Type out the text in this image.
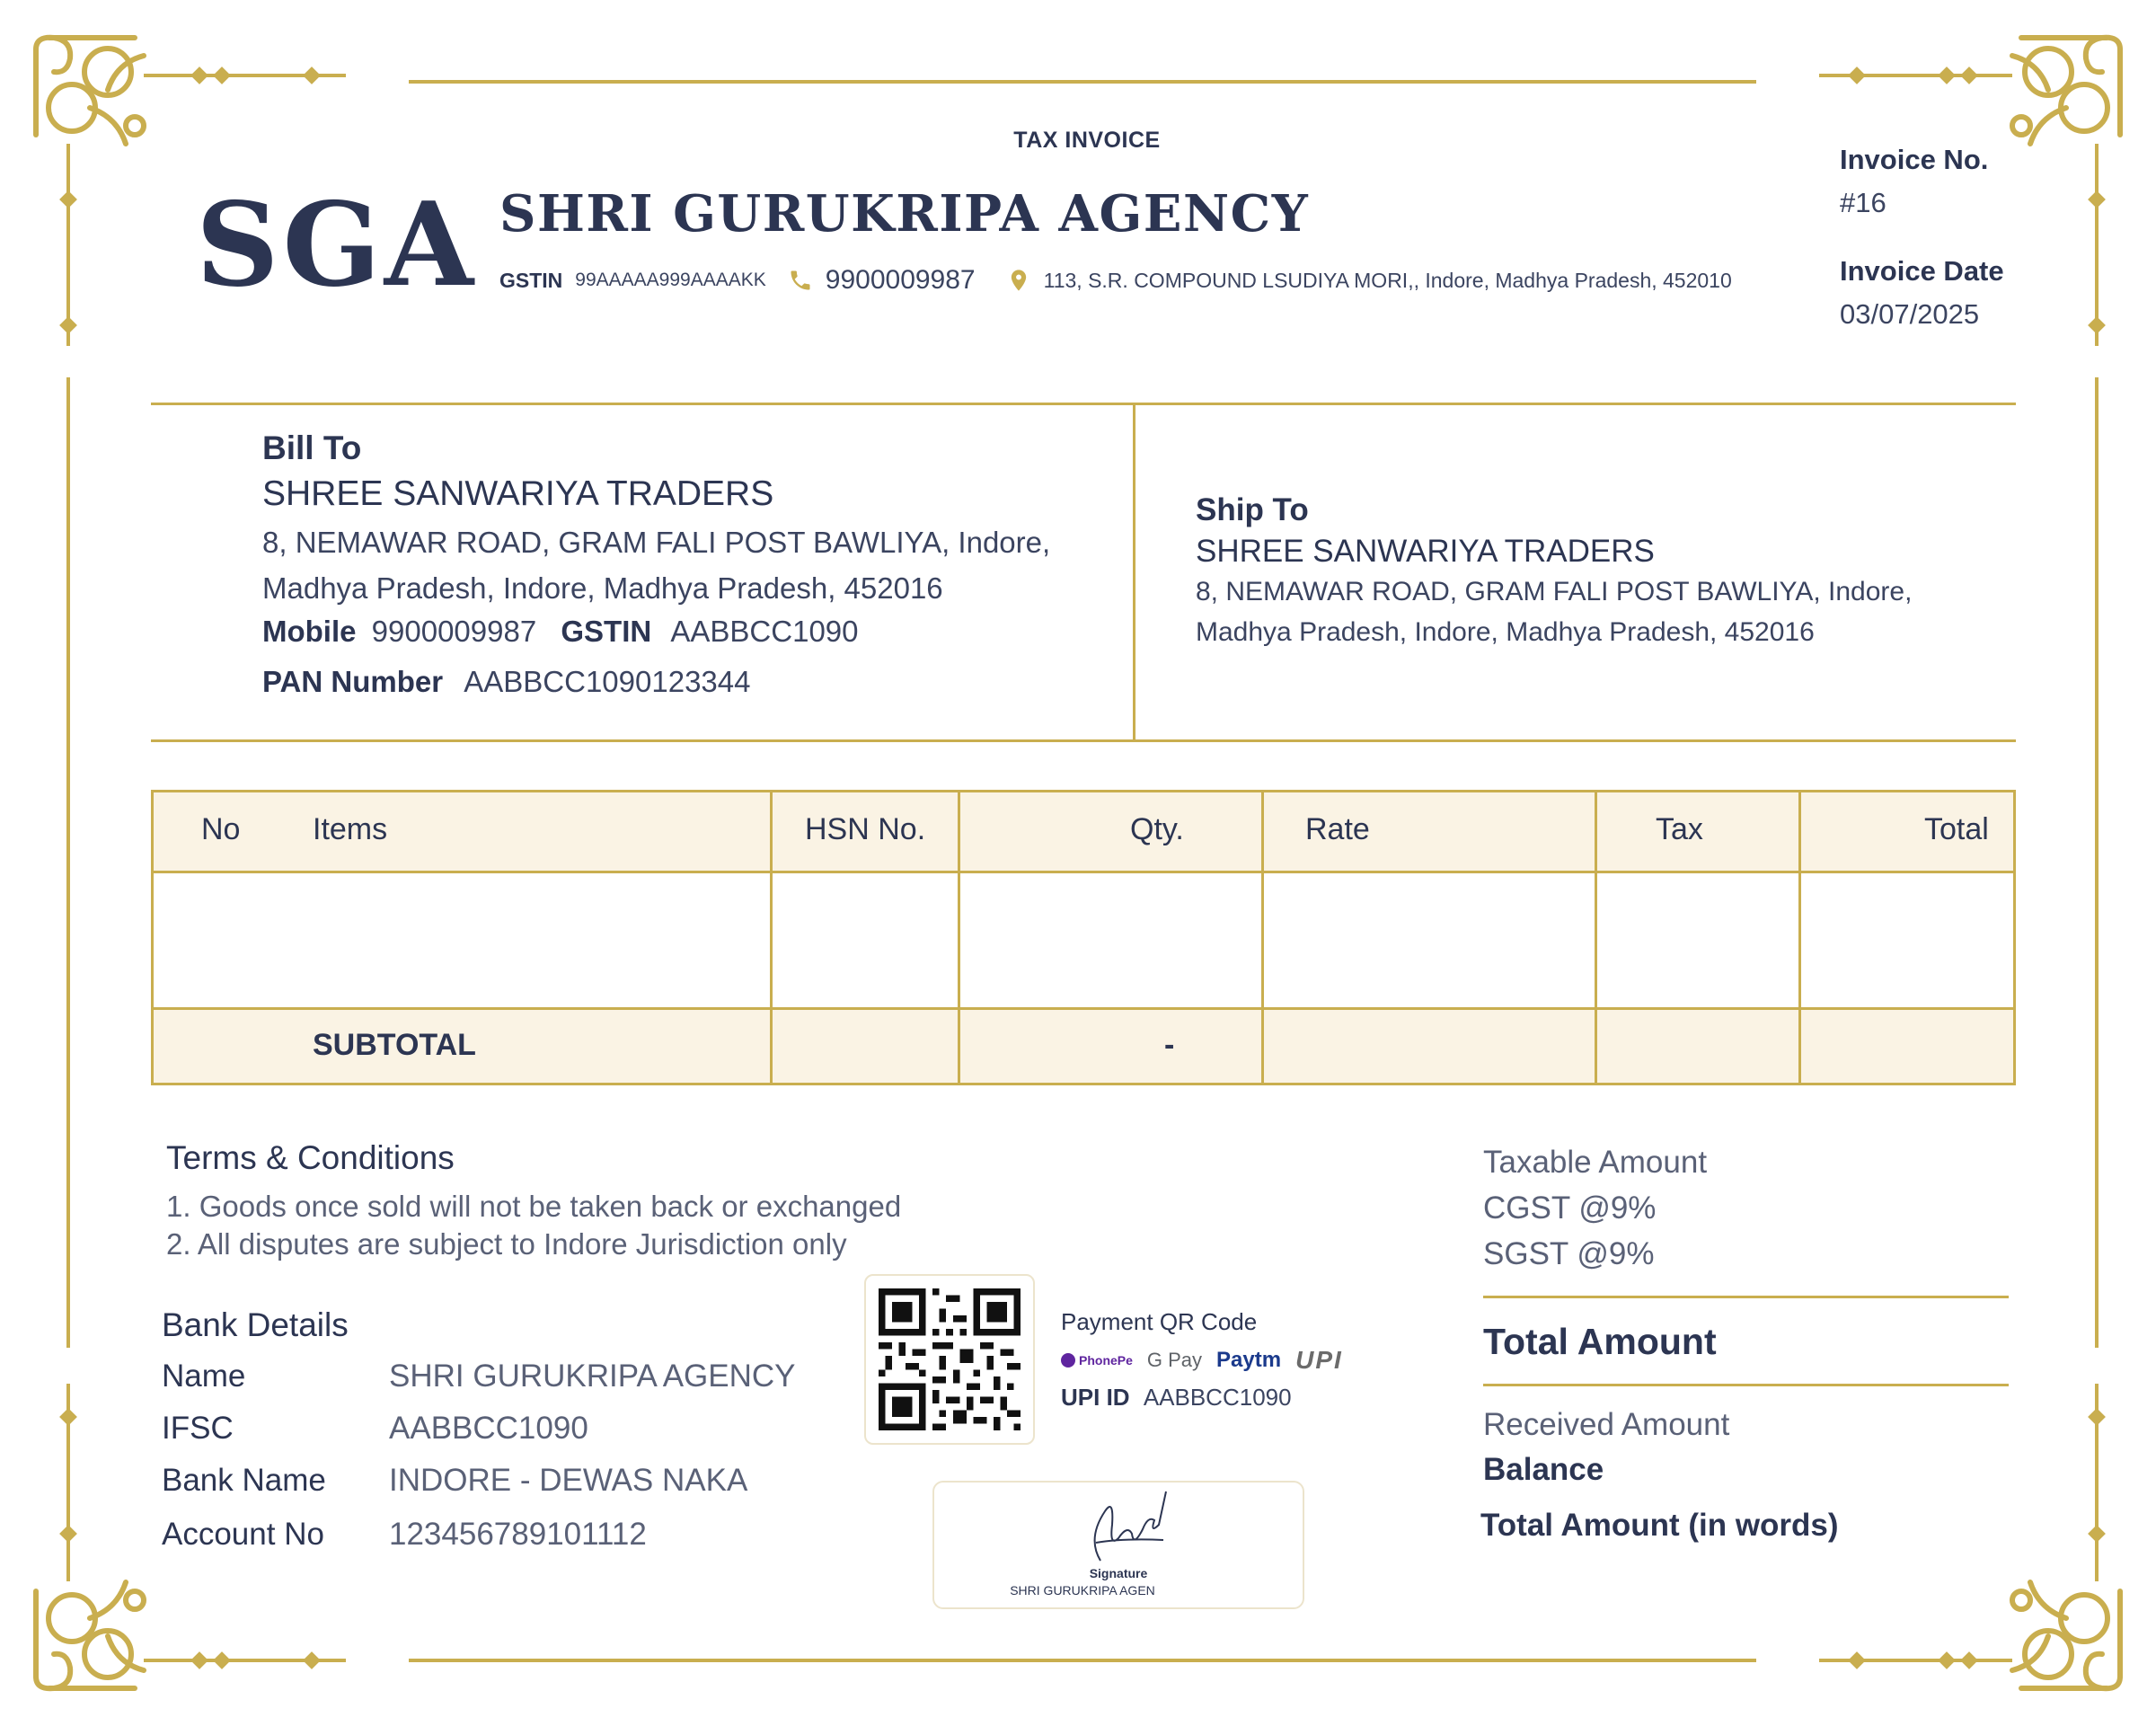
TAX INVOICE
SGA SHRI GURUKRIPA AGENCY
GSTIN 99AAAAA999AAAAKK 9900009987	113, S.R. COMPOUND LSUDIYA MORI,, Indore, Madhya Pradesh, 452010
Invoice No.
#16
Invoice Date
03/07/2025
Bill To
SHREE SANWARIYA TRADERS
8, NEMAWAR ROAD, GRAM FALI POST BAWLIYA, Indore, Madhya Pradesh, Indore, Madhya Pradesh, 452016
Mobile 9900009987 GSTIN AABBCC1090
PAN Number AABBCC1090123344
Ship To
SHREE SANWARIYA TRADERS
8, NEMAWAR ROAD, GRAM FALI POST BAWLIYA, Indore, Madhya Pradesh, Indore, Madhya Pradesh, 452016
No Items	HSN No.	Qty.	Rate	Tax	Total
SUBTOTAL	-
Terms & Conditions
1. Goods once sold will not be taken back or exchanged
2. All disputes are subject to Indore Jurisdiction only
Bank Details
Name	SHRI GURUKRIPA AGENCY
IFSC	AABBCC1090
Bank Name INDORE - DEWAS NAKA
Account No 123456789101112
Payment QR Code
PhonePe G Pay Paytm UPI
UPI ID AABBCC1090
Signature
SHRI GURUKRIPA AGEN
Taxable Amount
CGST @9%
SGST @9%
Total Amount
Received Amount
Balance
Total Amount (in words)
